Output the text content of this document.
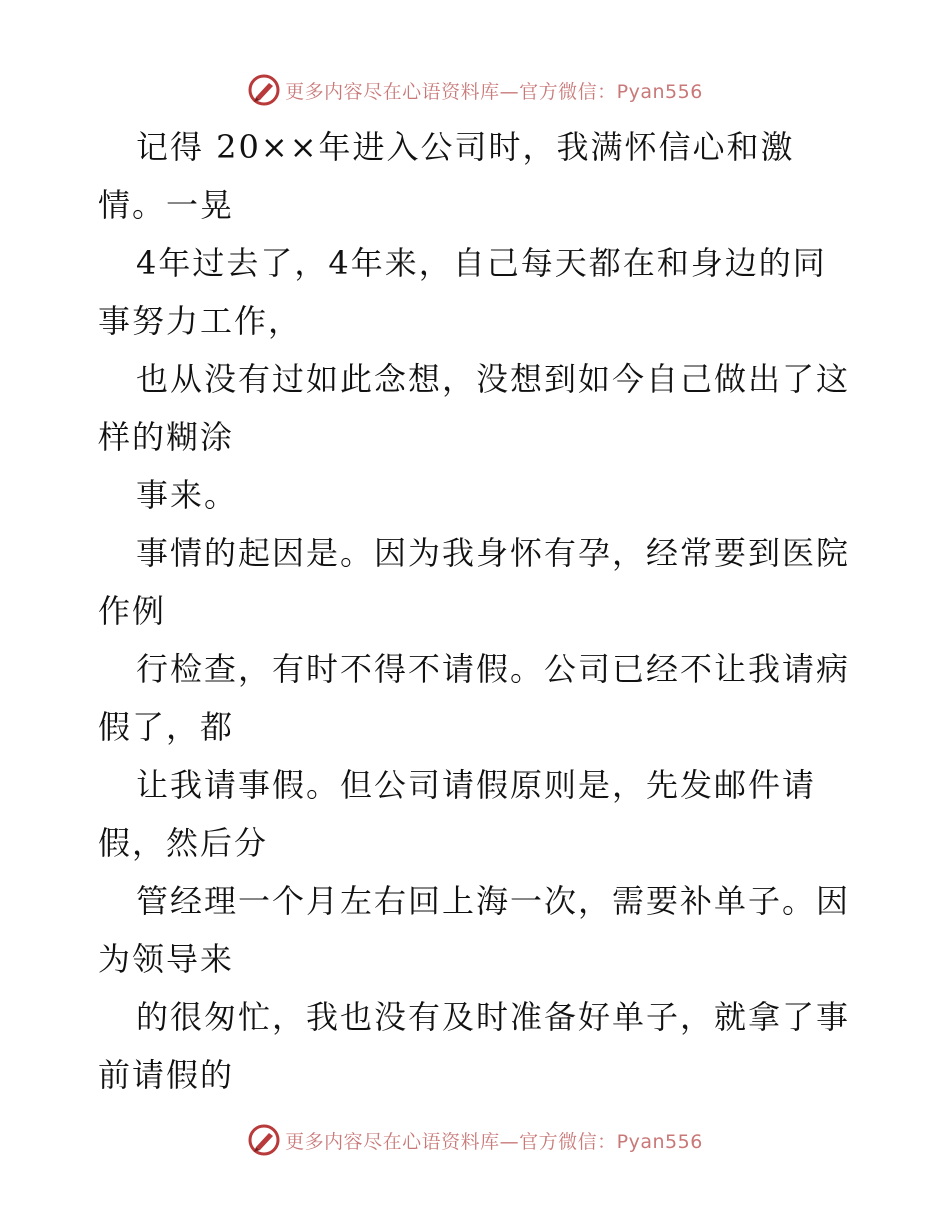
更多内容尽在心语资料库—官方微信：Pyan556

记得 20××年进入公司时，我满怀信心和激
情。一晃

4年过去了，4年来，自己每天都在和身边的同
事努力工作，

也从没有过如此念想，没想到如今自己做出了这
样的糊涂

事来。

事情的起因是。因为我身怀有孕，经常要到医院
作例

行检查，有时不得不请假。公司已经不让我请病
假了，都

让我请事假。但公司请假原则是，先发邮件请
假，然后分

管经理一个月左右回上海一次，需要补单子。因
为领导来

的很匆忙，我也没有及时准备好单子，就拿了事
前请假的

更多内容尽在心语资料库—官方微信：Pyan556
